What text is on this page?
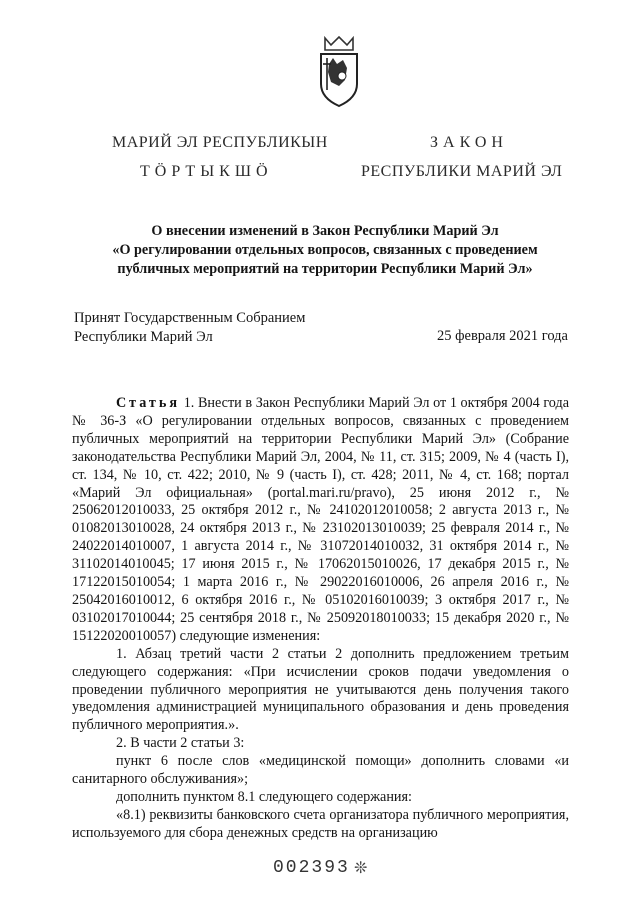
МАРИЙ ЭЛ РЕСПУБЛИКЫН
ТӦРТЫКШӦ
ЗАКОН
РЕСПУБЛИКИ МАРИЙ ЭЛ
О внесении изменений в Закон Республики Марий Эл
«О регулировании отдельных вопросов, связанных с проведением
публичных мероприятий на территории Республики Марий Эл»
Принят Государственным Собранием
Республики Марий Эл	25 февраля 2021 года

Статья 1. Внести в Закон Республики Марий Эл от 1 октября 2004 года № 36-З «О регулировании отдельных вопросов, связанных с проведением публичных мероприятий на территории Республики Марий Эл» (Собрание законодательства Республики Марий Эл, 2004, № 11, ст. 315; 2009, № 4 (часть I), ст. 134, № 10, ст. 422; 2010, № 9 (часть I), ст. 428; 2011, № 4, ст. 168; портал «Марий Эл официальная» (portal.mari.ru/pravo), 25 июня 2012 г., № 25062012010033, 25 октября 2012 г., № 24102012010058; 2 августа 2013 г., № 01082013010028, 24 октября 2013 г., № 23102013010039; 25 февраля 2014 г., № 24022014010007, 1 августа 2014 г., № 31072014010032, 31 октября 2014 г., № 31102014010045; 17 июня 2015 г., № 17062015010026, 17 декабря 2015 г., № 17122015010054; 1 марта 2016 г., № 29022016010006, 26 апреля 2016 г., № 25042016010012, 6 октября 2016 г., № 05102016010039; 3 октября 2017 г., № 03102017010044; 25 сентября 2018 г., № 25092018010033; 15 декабря 2020 г., № 15122020010057) следующие изменения:

1. Абзац третий части 2 статьи 2 дополнить предложением третьим следующего содержания: «При исчислении сроков подачи уведомления о проведении публичного мероприятия не учитываются день получения такого уведомления администрацией муниципального образования и день проведения публичного мероприятия.».

2. В части 2 статьи 3:

пункт 6 после слов «медицинской помощи» дополнить словами «и санитарного обслуживания»;

дополнить пунктом 8.1 следующего содержания:

«8.1) реквизиты банковского счета организатора публичного мероприятия, используемого для сбора денежных средств на организацию

002393 ❊
